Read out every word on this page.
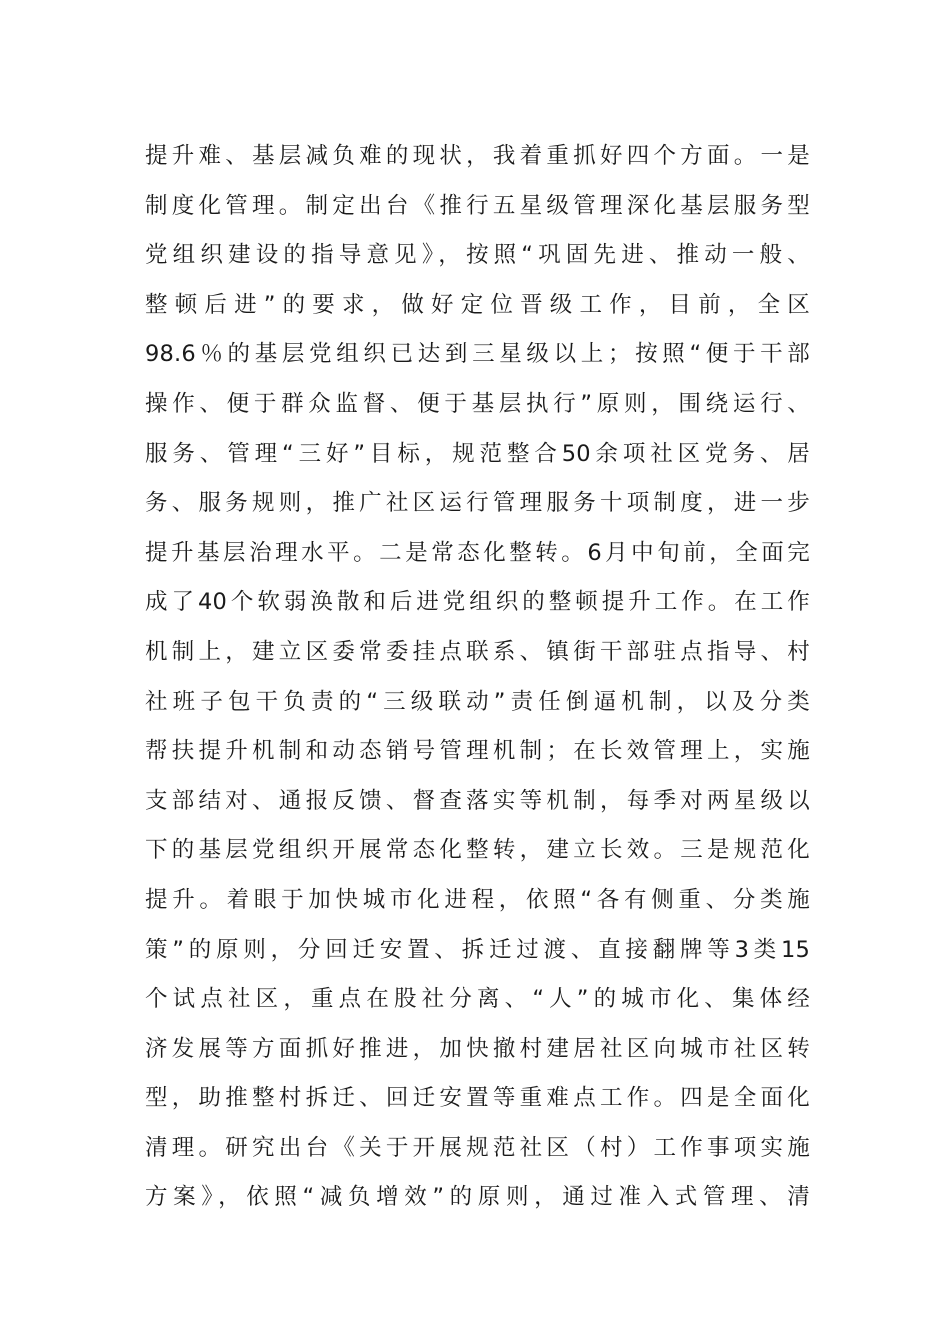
提升难、基层减负难的现状，我着重抓好四个方面。一是
制度化管理。制定出台《推行五星级管理深化基层服务型
党组织建设的指导意见》，按照“巩固先进、推动一般、
整顿后进”的要求，做好定位晋级工作，目前，全区
98.6％的基层党组织已达到三星级以上；按照“便于干部
操作、便于群众监督、便于基层执行”原则，围绕运行、
服务、管理“三好”目标，规范整合50余项社区党务、居
务、服务规则，推广社区运行管理服务十项制度，进一步
提升基层治理水平。二是常态化整转。6月中旬前，全面完
成了40个软弱涣散和后进党组织的整顿提升工作。在工作
机制上，建立区委常委挂点联系、镇街干部驻点指导、村
社班子包干负责的“三级联动”责任倒逼机制，以及分类
帮扶提升机制和动态销号管理机制；在长效管理上，实施
支部结对、通报反馈、督查落实等机制，每季对两星级以
下的基层党组织开展常态化整转，建立长效。三是规范化
提升。着眼于加快城市化进程，依照“各有侧重、分类施
策”的原则，分回迁安置、拆迁过渡、直接翻牌等3类15
个试点社区，重点在股社分离、“人”的城市化、集体经
济发展等方面抓好推进，加快撤村建居社区向城市社区转
型，助推整村拆迁、回迁安置等重难点工作。四是全面化
清理。研究出台《关于开展规范社区（村）工作事项实施
方案》，依照“减负增效”的原则，通过准入式管理、清
